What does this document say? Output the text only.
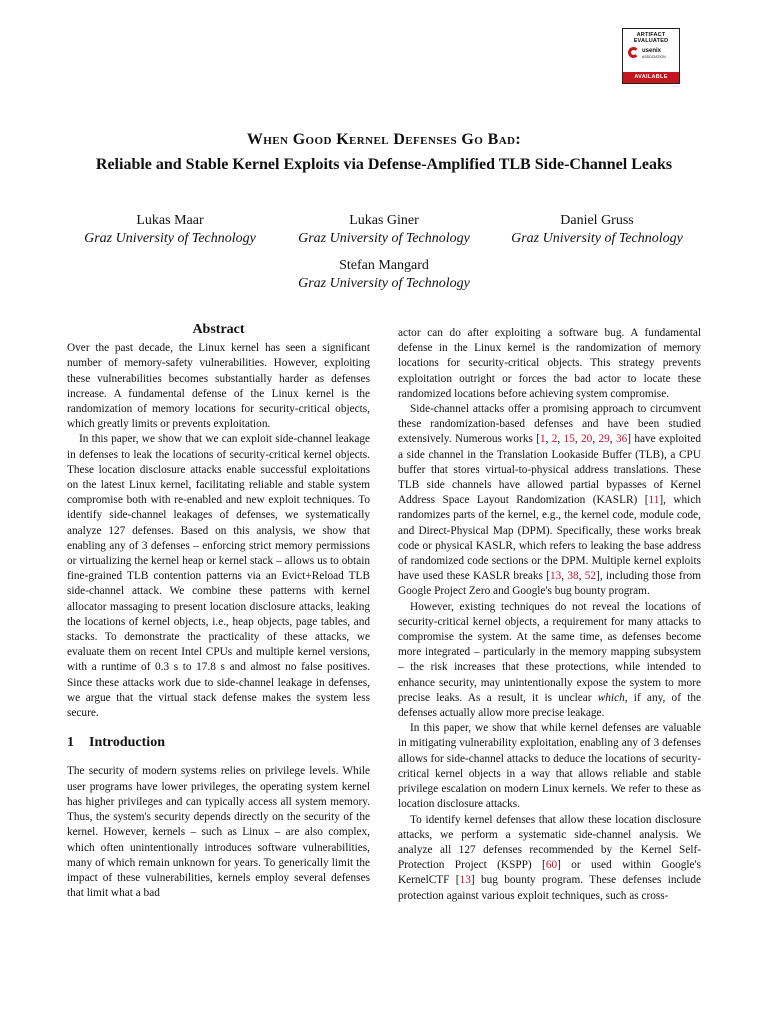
ARTIFACT
EVALUATED
usenix
ASSOCIATION
AVAILABLE
When Good Kernel Defenses Go Bad:
Reliable and Stable Kernel Exploits via Defense-Amplified TLB Side-Channel Leaks
Lukas Maar
Graz University of Technology
Lukas Giner
Graz University of Technology
Daniel Gruss
Graz University of Technology
Stefan Mangard
Graz University of Technology
Abstract

Over the past decade, the Linux kernel has seen a significant number of memory-safety vulnerabilities. However, exploiting these vulnerabilities becomes substantially harder as defenses increase. A fundamental defense of the Linux kernel is the randomization of memory locations for security-critical objects, which greatly limits or prevents exploitation.

In this paper, we show that we can exploit side-channel leakage in defenses to leak the locations of security-critical kernel objects. These location disclosure attacks enable successful exploitations on the latest Linux kernel, facilitating reliable and stable system compromise both with re-enabled and new exploit techniques. To identify side-channel leakages of defenses, we systematically analyze 127 defenses. Based on this analysis, we show that enabling any of 3 defenses – enforcing strict memory permissions or virtualizing the kernel heap or kernel stack – allows us to obtain fine-grained TLB contention patterns via an Evict+Reload TLB side-channel attack. We combine these patterns with kernel allocator massaging to present location disclosure attacks, leaking the locations of kernel objects, i.e., heap objects, page tables, and stacks. To demonstrate the practicality of these attacks, we evaluate them on recent Intel CPUs and multiple kernel versions, with a runtime of 0.3 s to 17.8 s and almost no false positives. Since these attacks work due to side-channel leakage in defenses, we argue that the virtual stack defense makes the system less secure.

1 Introduction

The security of modern systems relies on privilege levels. While user programs have lower privileges, the operating system kernel has higher privileges and can typically access all system memory. Thus, the system's security depends directly on the security of the kernel. However, kernels – such as Linux – are also complex, which often unintentionally introduces software vulnerabilities, many of which remain unknown for years. To generically limit the impact of these vulnerabilities, kernels employ several defenses that limit what a bad

actor can do after exploiting a software bug. A fundamental defense in the Linux kernel is the randomization of memory locations for security-critical objects. This strategy prevents exploitation outright or forces the bad actor to locate these randomized locations before achieving system compromise.

Side-channel attacks offer a promising approach to circumvent these randomization-based defenses and have been studied extensively. Numerous works [1, 2, 15, 20, 29, 36] have exploited a side channel in the Translation Lookaside Buffer (TLB), a CPU buffer that stores virtual-to-physical address translations. These TLB side channels have allowed partial bypasses of Kernel Address Space Layout Randomization (KASLR) [11], which randomizes parts of the kernel, e.g., the kernel code, module code, and Direct-Physical Map (DPM). Specifically, these works break code or physical KASLR, which refers to leaking the base address of randomized code sections or the DPM. Multiple kernel exploits have used these KASLR breaks [13, 38, 52], including those from Google Project Zero and Google's bug bounty program.

However, existing techniques do not reveal the locations of security-critical kernel objects, a requirement for many attacks to compromise the system. At the same time, as defenses become more integrated – particularly in the memory mapping subsystem – the risk increases that these protections, while intended to enhance security, may unintentionally expose the system to more precise leaks. As a result, it is unclear which, if any, of the defenses actually allow more precise leakage.

In this paper, we show that while kernel defenses are valuable in mitigating vulnerability exploitation, enabling any of 3 defenses allows for side-channel attacks to deduce the locations of security-critical kernel objects in a way that allows reliable and stable privilege escalation on modern Linux kernels. We refer to these as location disclosure attacks.

To identify kernel defenses that allow these location disclosure attacks, we perform a systematic side-channel analysis. We analyze all 127 defenses recommended by the Kernel Self-Protection Project (KSPP) [60] or used within Google's KernelCTF [13] bug bounty program. These defenses include protection against various exploit techniques, such as cross-
